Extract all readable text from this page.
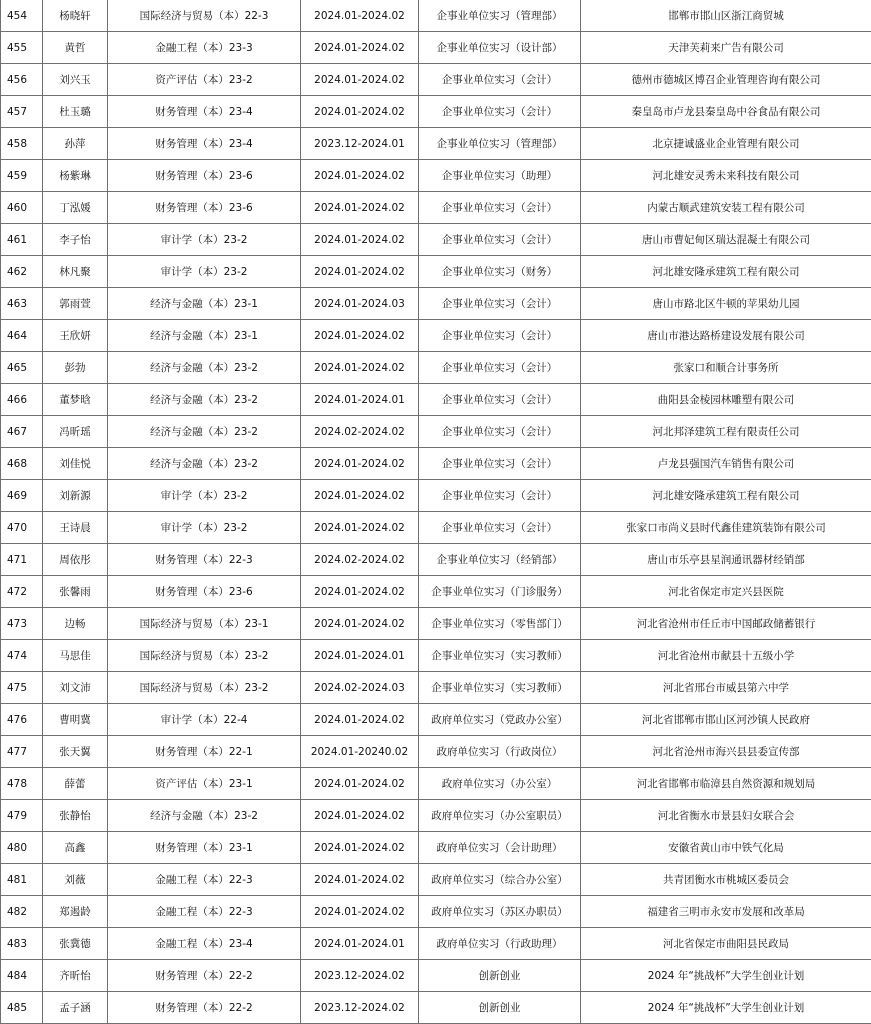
454	杨晓轩	国际经济与贸易（本）22-3	2024.01-2024.02	企事业单位实习（管理部）	邯郸市邯山区浙江商贸城
455	黄哲	金融工程（本）23-3	2024.01-2024.02	企事业单位实习（设计部）	天津芙莉来广告有限公司
456	刘兴玉	资产评估（本）23-2	2024.01-2024.02	企事业单位实习（会计）	德州市德城区博召企业管理咨询有限公司
457	杜玉璐	财务管理（本）23-4	2024.01-2024.02	企事业单位实习（会计）	秦皇岛市卢龙县秦皇岛中谷食品有限公司
458	孙萍	财务管理（本）23-4	2023.12-2024.01	企事业单位实习（管理部）	北京捷诚盛业企业管理有限公司
459	杨紫琳	财务管理（本）23-6	2024.01-2024.02	企事业单位实习（助理）	河北雄安灵秀未来科技有限公司
460	丁泓媛	财务管理（本）23-6	2024.01-2024.02	企事业单位实习（会计）	内蒙古顺武建筑安装工程有限公司
461	李子怡	审计学（本）23-2	2024.01-2024.02	企事业单位实习（会计）	唐山市曹妃甸区瑞达混凝土有限公司
462	林凡聚	审计学（本）23-2	2024.01-2024.02	企事业单位实习（财务）	河北雄安隆承建筑工程有限公司
463	郭雨萱	经济与金融（本）23-1	2024.01-2024.03	企事业单位实习（会计）	唐山市路北区牛顿的苹果幼儿园
464	王欣妍	经济与金融（本）23-1	2024.01-2024.02	企事业单位实习（会计）	唐山市港达路桥建设发展有限公司
465	彭勃	经济与金融（本）23-2	2024.01-2024.02	企事业单位实习（会计）	张家口和顺合计事务所
466	董梦晗	经济与金融（本）23-2	2024.01-2024.01	企事业单位实习（会计）	曲阳县金棱园林雕塑有限公司
467	冯昕瑶	经济与金融（本）23-2	2024.02-2024.02	企事业单位实习（会计）	河北邦泽建筑工程有限责任公司
468	刘佳悦	经济与金融（本）23-2	2024.01-2024.02	企事业单位实习（会计）	卢龙县强国汽车销售有限公司
469	刘新源	审计学（本）23-2	2024.01-2024.02	企事业单位实习（会计）	河北雄安隆承建筑工程有限公司
470	王诗晨	审计学（本）23-2	2024.01-2024.02	企事业单位实习（会计）	张家口市尚义县时代鑫佳建筑装饰有限公司
471	周依彤	财务管理（本）22-3	2024.02-2024.02	企事业单位实习（经销部）	唐山市乐亭县星润通讯器材经销部
472	张馨雨	财务管理（本）23-6	2024.01-2024.02	企事业单位实习（门诊服务）	河北省保定市定兴县医院
473	边畅	国际经济与贸易（本）23-1	2024.01-2024.02	企事业单位实习（零售部门）	河北省沧州市任丘市中国邮政储蓄银行
474	马思佳	国际经济与贸易（本）23-2	2024.01-2024.01	企事业单位实习（实习教师）	河北省沧州市献县十五级小学
475	刘文沛	国际经济与贸易（本）23-2	2024.02-2024.03	企事业单位实习（实习教师）	河北省邢台市威县第六中学
476	曹明冀	审计学（本）22-4	2024.01-2024.02	政府单位实习（党政办公室）	河北省邯郸市邯山区河沙镇人民政府
477	张天翼	财务管理（本）22-1	2024.01-20240.02	政府单位实习（行政岗位）	河北省沧州市海兴县县委宣传部
478	薛蕾	资产评估（本）23-1	2024.01-2024.02	政府单位实习（办公室）	河北省邯郸市临漳县自然资源和规划局
479	张静怡	经济与金融（本）23-2	2024.01-2024.02	政府单位实习（办公室职员）	河北省衡水市景县妇女联合会
480	高鑫	财务管理（本）23-1	2024.01-2024.02	政府单位实习（会计助理）	安徽省黄山市中铁气化局
481	刘薇	金融工程（本）22-3	2024.01-2024.02	政府单位实习（综合办公室）	共青团衡水市桃城区委员会
482	郑遏龄	金融工程（本）22-3	2024.01-2024.02	政府单位实习（苏区办职员）	福建省三明市永安市发展和改革局
483	张冀德	金融工程（本）23-4	2024.01-2024.01	政府单位实习（行政助理）	河北省保定市曲阳县民政局
484	齐昕怡	财务管理（本）22-2	2023.12-2024.02	创新创业	2024 年“挑战杯”大学生创业计划
485	孟子涵	财务管理（本）22-2	2023.12-2024.02	创新创业	2024 年“挑战杯”大学生创业计划
